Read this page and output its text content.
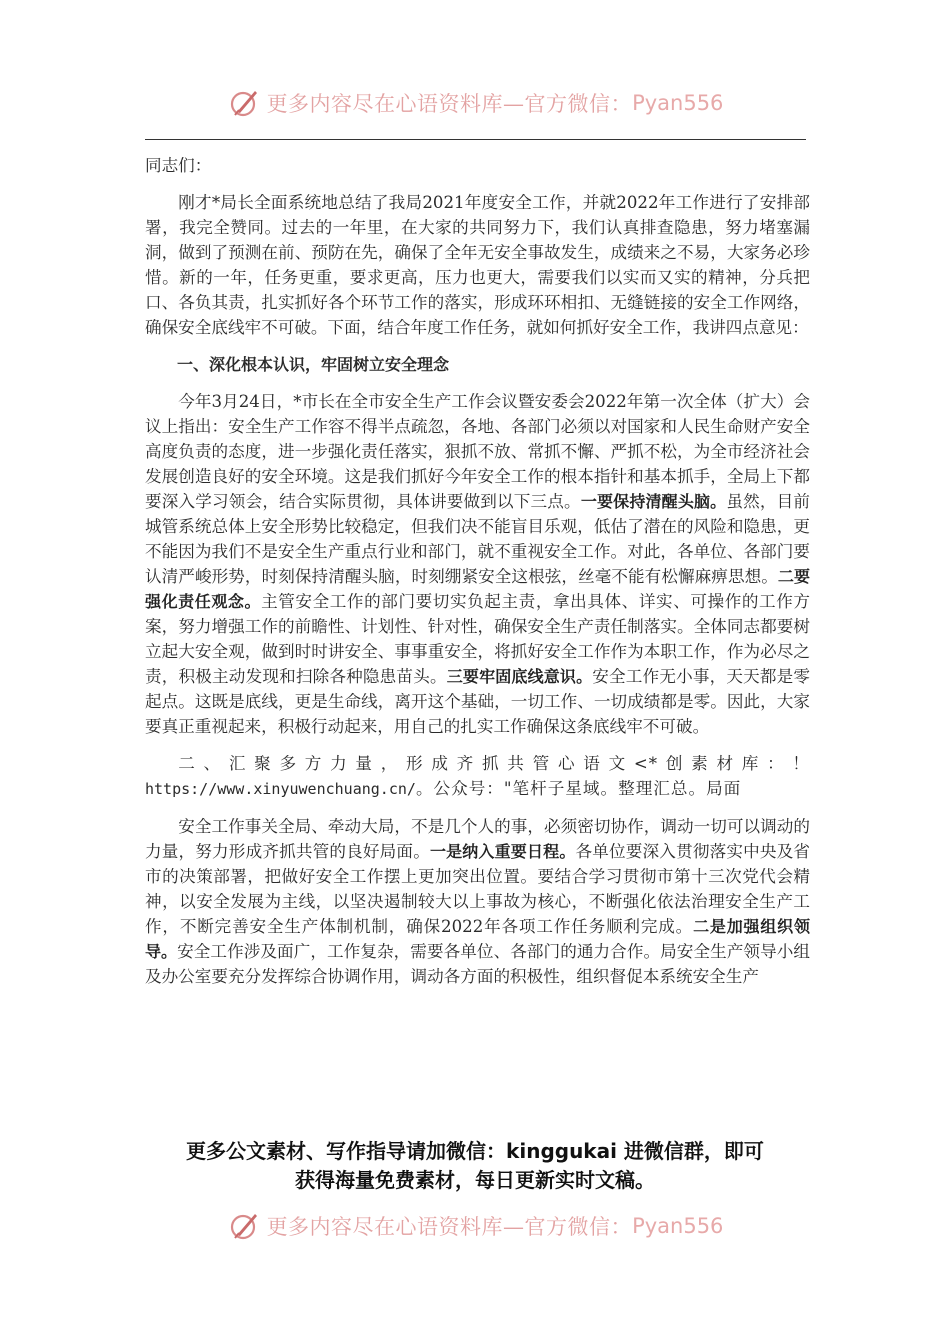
更多内容尽在心语资料库—官方微信： Pyan556

同志们：

刚才*局长全面系统地总结了我局2021年度安全工作，并就2022年工作进行了安排部署，我完全赞同。过去的一年里，在大家的共同努力下，我们认真排查隐患，努力堵塞漏洞，做到了预测在前、预防在先，确保了全年无安全事故发生，成绩来之不易，大家务必珍惜。新的一年，任务更重，要求更高，压力也更大，需要我们以实而又实的精神，分兵把口、各负其责，扎实抓好各个环节工作的落实，形成环环相扣、无缝链接的安全工作网络，确保安全底线牢不可破。下面，结合年度工作任务，就如何抓好安全工作，我讲四点意见：

一、深化根本认识，牢固树立安全理念

今年3月24日，*市长在全市安全生产工作会议暨安委会2022年第一次全体（扩大）会议上指出：安全生产工作容不得半点疏忽，各地、各部门必须以对国家和人民生命财产安全高度负责的态度，进一步强化责任落实，狠抓不放、常抓不懈、严抓不松，为全市经济社会发展创造良好的安全环境。这是我们抓好今年安全工作的根本指针和基本抓手，全局上下都要深入学习领会，结合实际贯彻，具体讲要做到以下三点。一要保持清醒头脑。虽然，目前城管系统总体上安全形势比较稳定，但我们决不能盲目乐观，低估了潜在的风险和隐患，更不能因为我们不是安全生产重点行业和部门，就不重视安全工作。对此，各单位、各部门要认清严峻形势，时刻保持清醒头脑，时刻绷紧安全这根弦，丝毫不能有松懈麻痹思想。二要强化责任观念。主管安全工作的部门要切实负起主责，拿出具体、详实、可操作的工作方案，努力增强工作的前瞻性、计划性、针对性，确保安全生产责任制落实。全体同志都要树立起大安全观，做到时时讲安全、事事重安全，将抓好安全工作作为本职工作，作为必尽之责，积极主动发现和扫除各种隐患苗头。三要牢固底线意识。安全工作无小事，天天都是零起点。这既是底线，更是生命线，离开这个基础，一切工作、一切成绩都是零。因此，大家要真正重视起来，积极行动起来，用自己的扎实工作确保这条底线牢不可破。

二、汇聚多方力量，形成齐抓共管心语文<*创素材库：！https://www.xinyuwenchuang.cn/。公众号："笔杆子星域。整理汇总。局面

安全工作事关全局、牵动大局，不是几个人的事，必须密切协作，调动一切可以调动的力量，努力形成齐抓共管的良好局面。一是纳入重要日程。各单位要深入贯彻落实中央及省市的决策部署，把做好安全工作摆上更加突出位置。要结合学习贯彻市第十三次党代会精神，以安全发展为主线，以坚决遏制较大以上事故为核心，不断强化依法治理安全生产工作，不断完善安全生产体制机制，确保2022年各项工作任务顺利完成。二是加强组织领导。安全工作涉及面广，工作复杂，需要各单位、各部门的通力合作。局安全生产领导小组及办公室要充分发挥综合协调作用，调动各方面的积极性，组织督促本系统安全生产

更多公文素材、写作指导请加微信：kinggukai 进微信群，即可
获得海量免费素材，每日更新实时文稿。
更多内容尽在心语资料库—官方微信： Pyan556
